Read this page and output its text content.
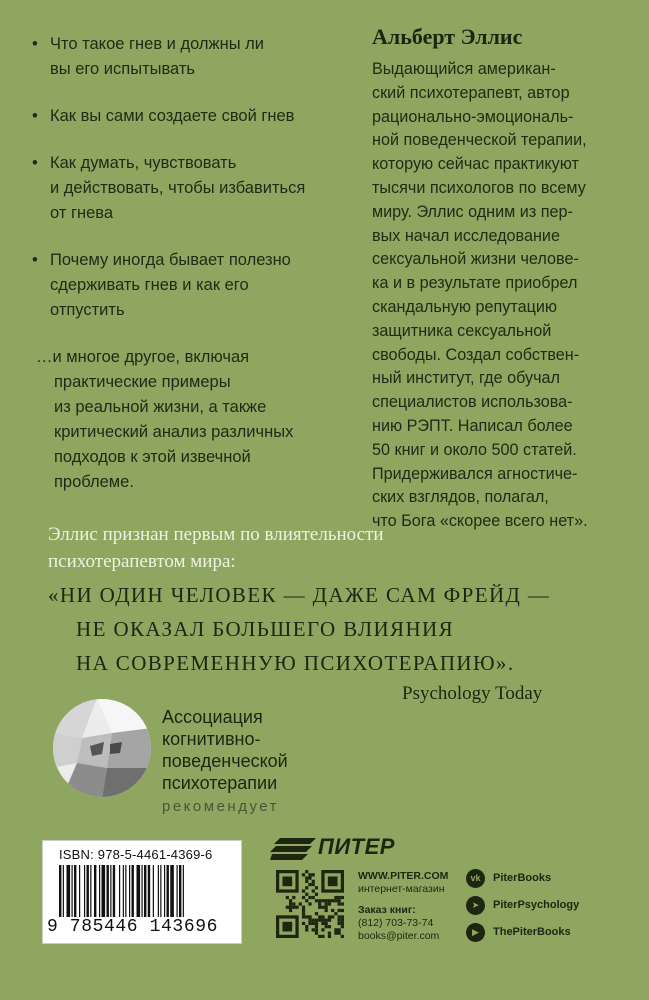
• Что такое гнев и должны ли
вы его испытывать
• Как вы сами создаете свой гнев
• Как думать, чувствовать
и действовать, чтобы избавиться
от гнева
• Почему иногда бывает полезно
сдерживать гнев и как его
отпустить
…и многое другое, включая
практические примеры
из реальной жизни, а также
критический анализ различных
подходов к этой извечной
проблеме.
Альберт Эллис
Выдающийся американ-
ский психотерапевт, автор
рационально-эмоциональ-
ной поведенческой терапии,
которую сейчас практикуют
тысячи психологов по всему
миру. Эллис одним из пер-
вых начал исследование
сексуальной жизни челове-
ка и в результате приобрел
скандальную репутацию
защитника сексуальной
свободы. Создал собствен-
ный институт, где обучал
специалистов использова-
нию РЭПТ. Написал более
50 книг и около 500 статей.
Придерживался агностиче-
ских взглядов, полагал,
что Бога «скорее всего нет».
Эллис признан первым по влиятельности
психотерапевтом мира:
«НИ ОДИН ЧЕЛОВЕК — ДАЖЕ САМ ФРЕЙД —
НЕ ОКАЗАЛ БОЛЬШЕГО ВЛИЯНИЯ
НА СОВРЕМЕННУЮ ПСИХОТЕРАПИЮ».
Psychology Today
Ассоциация
когнитивно-
поведенческой
психотерапии
рекомендует
ISBN: 978-5-4461-4369-6
9 785446 143696
ПИТЕР
WWW.PITER.COM
интернет-магазин
Заказ книг:
(812) 703-73-74
books@piter.com
vk	PiterBooks
➤	PiterPsychology
▶	ThePiterBooks
